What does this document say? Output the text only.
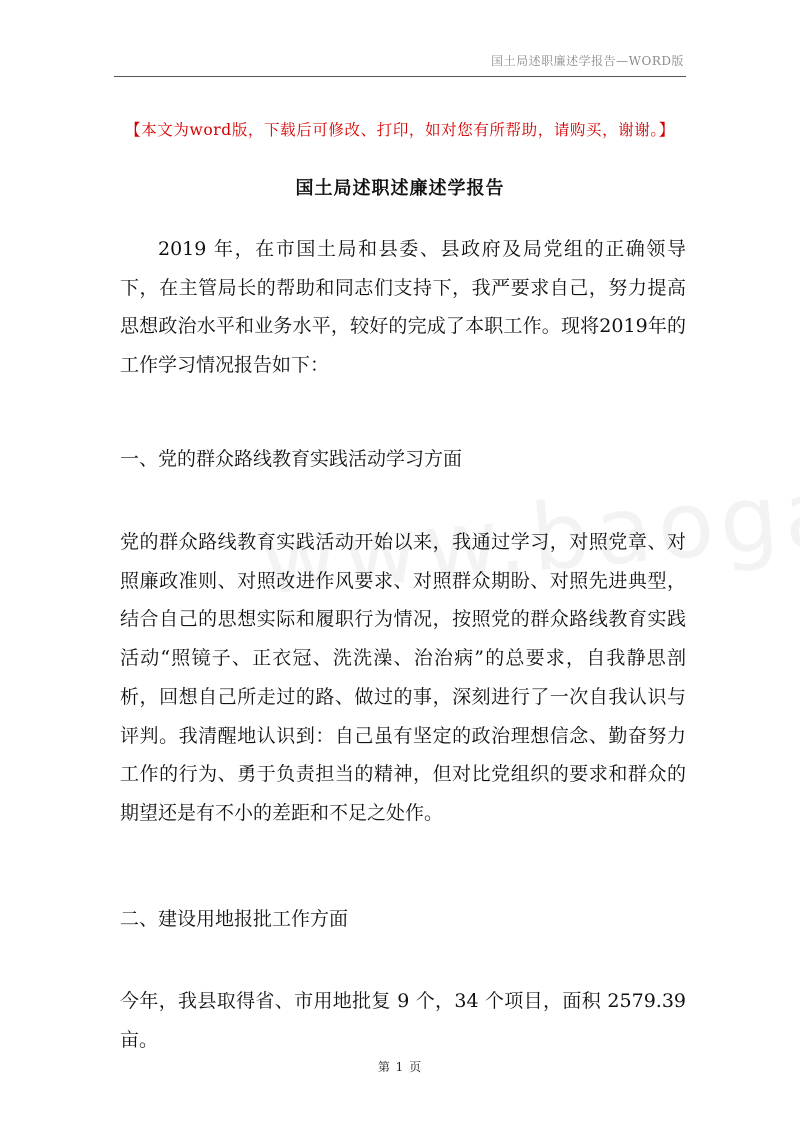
国土局述职廉述学报告—WORD版
【本文为word版，下载后可修改、打印，如对您有所帮助，请购买，谢谢。】
国土局述职述廉述学报告

2019 年，在市国土局和县委、县政府及局党组的正确领导下，在主管局长的帮助和同志们支持下，我严要求自己，努力提高思想政治水平和业务水平，较好的完成了本职工作。现将2019年的工作学习情况报告如下：

一、党的群众路线教育实践活动学习方面

党的群众路线教育实践活动开始以来，我通过学习，对照党章、对照廉政准则、对照改进作风要求、对照群众期盼、对照先进典型，结合自己的思想实际和履职行为情况，按照党的群众路线教育实践活动“照镜子、正衣冠、洗洗澡、治治病”的总要求，自我静思剖析，回想自己所走过的路、做过的事，深刻进行了一次自我认识与评判。我清醒地认识到：自己虽有坚定的政治理想信念、勤奋努力工作的行为、勇于负责担当的精神，但对比党组织的要求和群众的期望还是有不小的差距和不足之处作。

二、建设用地报批工作方面

今年，我县取得省、市用地批复 9 个，34 个项目，面积 2579.39 亩。

第 1 页
